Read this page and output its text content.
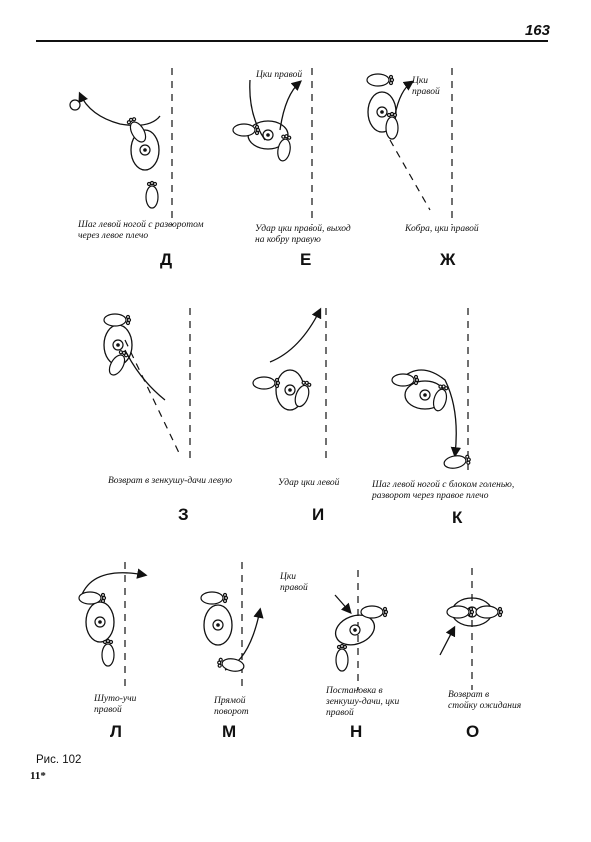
163
Цки правой
Цки
правой
Цки
правой
Шаг левой ногой с разворотом
через левое плечо
Д
Удар цки правой, выход
на кобру правую
Е
Кобра, цки правой
Ж
Возврат в зенкушу-дачи левую
З
Удар цки левой
И
Шаг левой ногой с блоком голенью,
разворот через правое плечо
К
Шуто-учи
правой
Л
Прямой
поворот
М
Постановка в
зенкушу-дачи, цки
правой
Н
Возврат в
стойку ожидания
О
Рис. 102
11*
